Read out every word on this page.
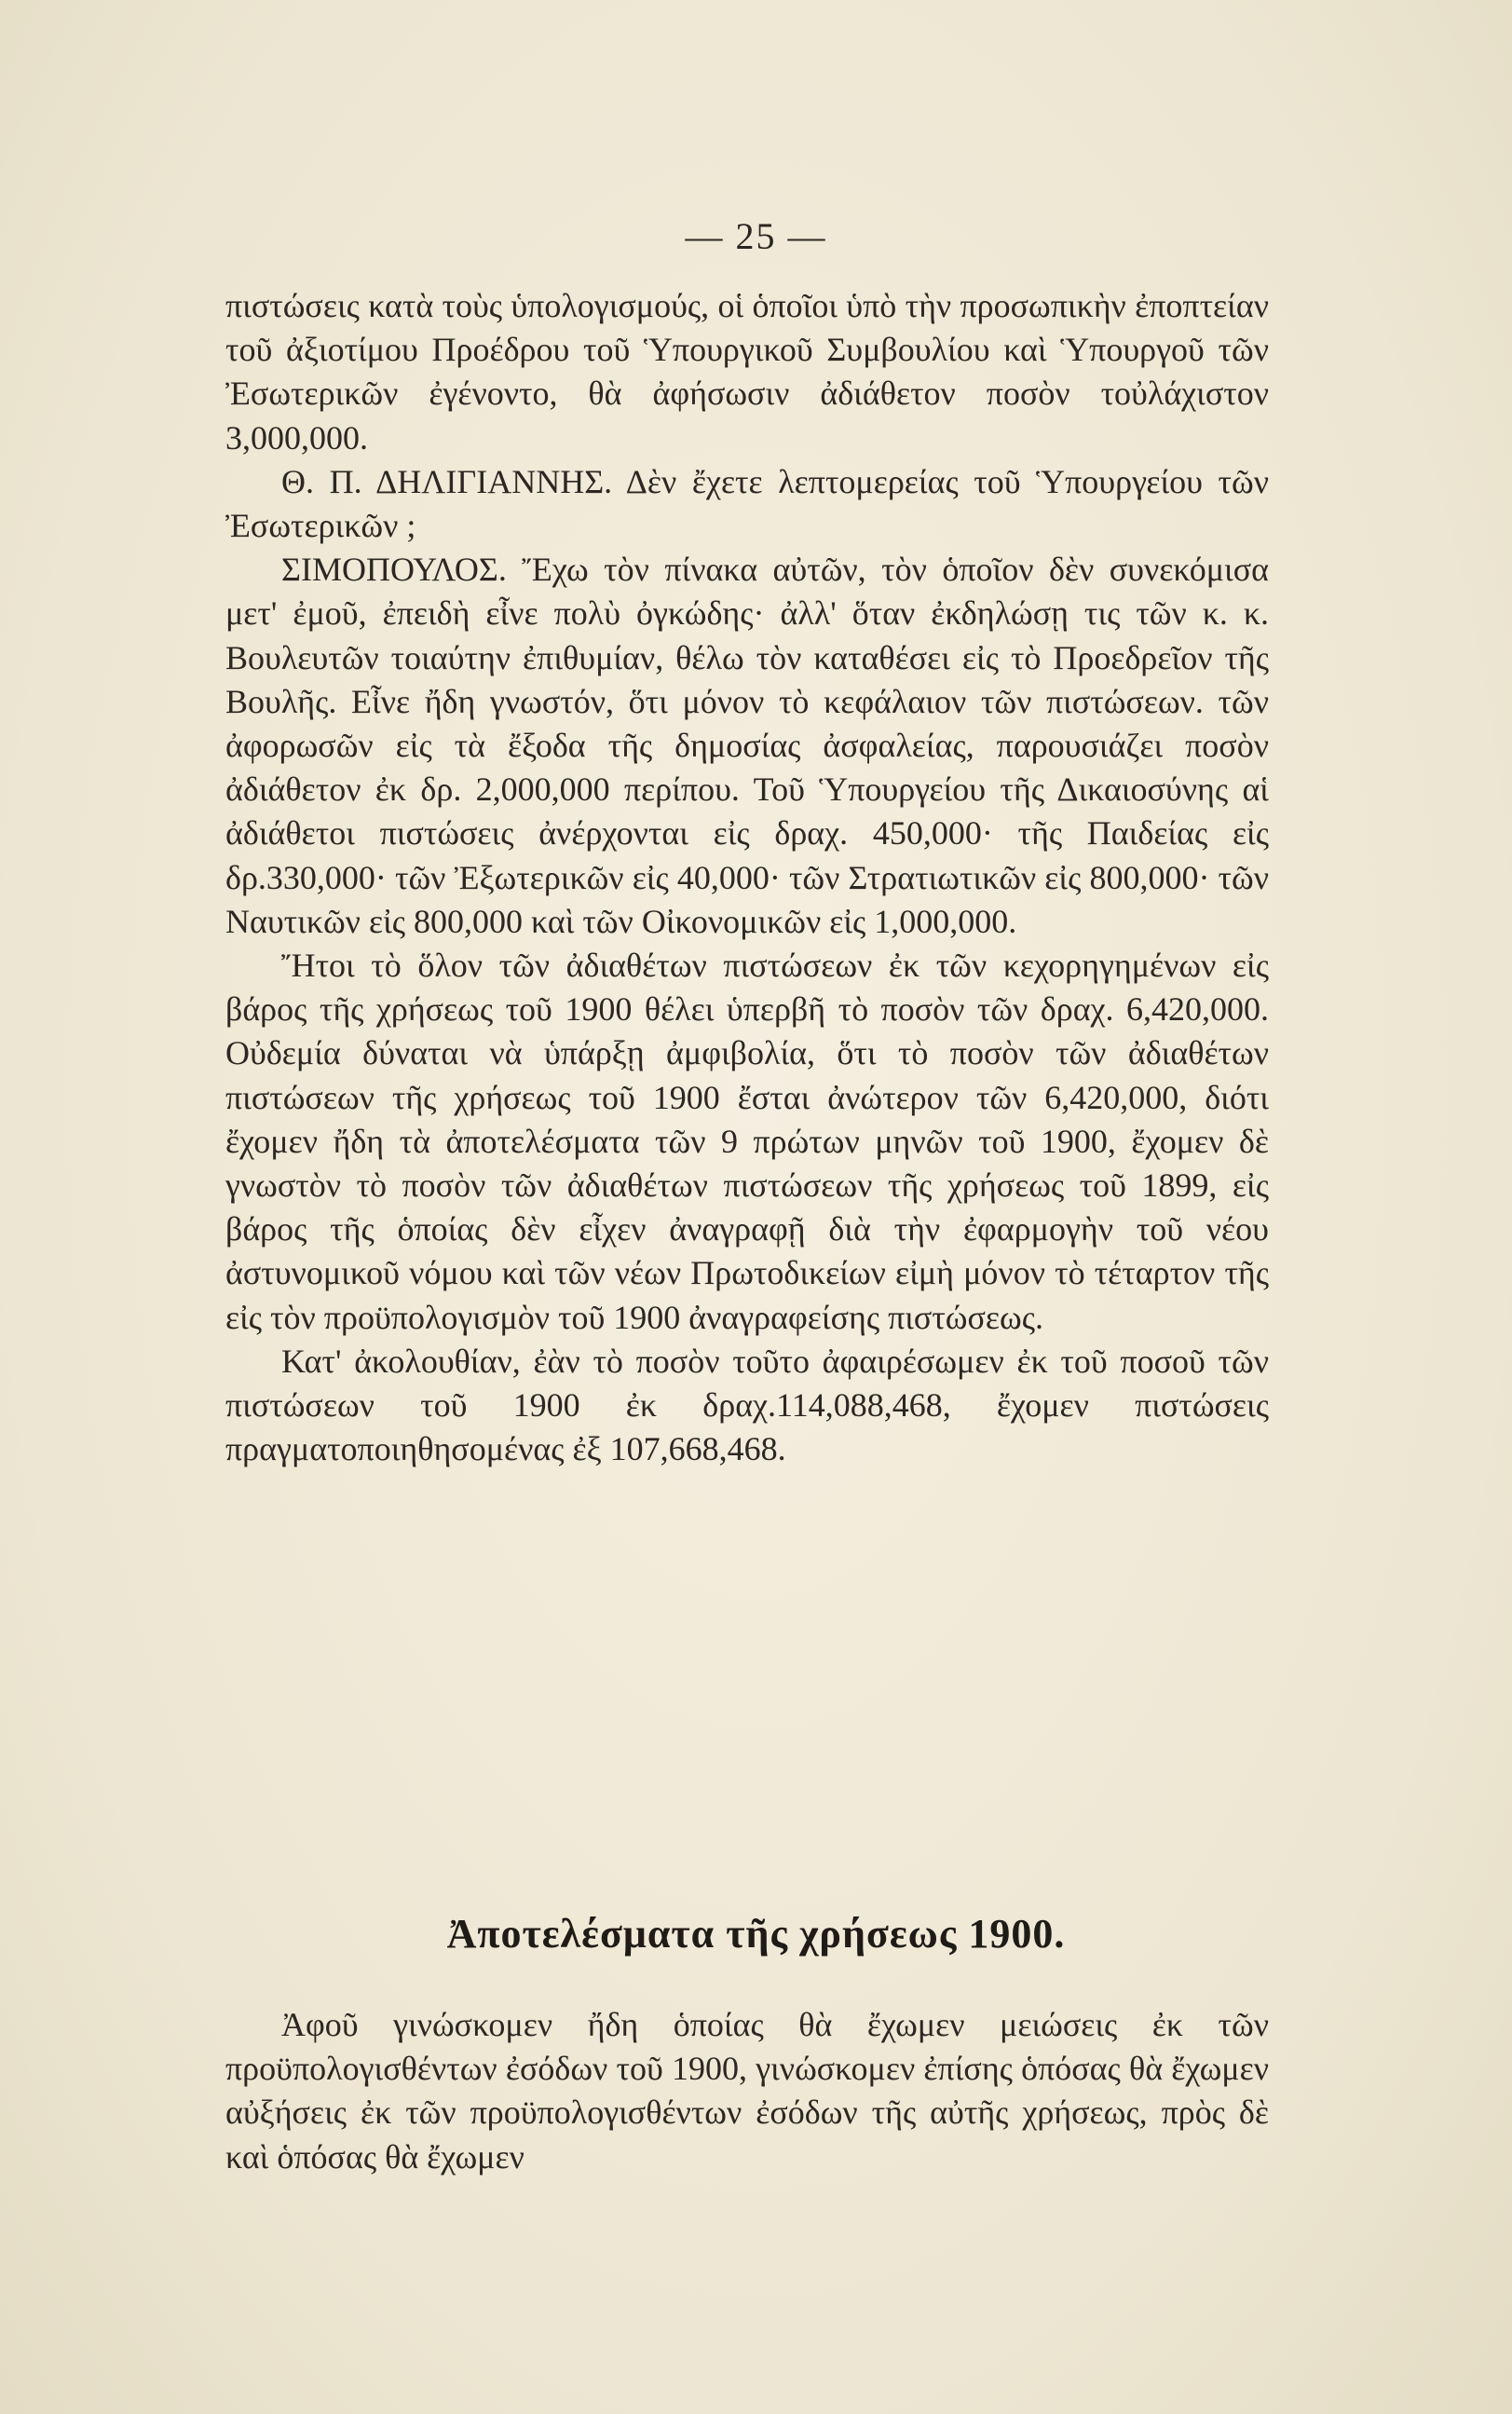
— 25 —

πιστώσεις κατὰ τοὺς ὑπολογισμούς, οἱ ὁποῖοι ὑπὸ τὴν προσωπικὴν ἐποπτείαν τοῦ ἀξιοτίμου Προέδρου τοῦ Ὑπουργικοῦ Συμβουλίου καὶ Ὑπουργοῦ τῶν Ἐσωτερικῶν ἐγένοντο, θὰ ἀφήσωσιν ἀδιάθετον ποσὸν τοὐλάχιστον 3,000,000.

Θ. Π. ΔΗΛΙΓΙΑΝΝΗΣ. Δὲν ἔχετε λεπτομερείας τοῦ Ὑπουργείου τῶν Ἐσωτερικῶν ;

ΣΙΜΟΠΟΥΛΟΣ. Ἔχω τὸν πίνακα αὐτῶν, τὸν ὁποῖον δὲν συνεκόμισα μετ' ἐμοῦ, ἐπειδὴ εἶνε πολὺ ὀγκώδης· ἀλλ' ὅταν ἐκδηλώσῃ τις τῶν κ. κ. Βουλευτῶν τοιαύτην ἐπιθυμίαν, θέλω τὸν καταθέσει εἰς τὸ Προεδρεῖον τῆς Βουλῆς. Εἶνε ἤδη γνωστόν, ὅτι μόνον τὸ κεφάλαιον τῶν πιστώσεων. τῶν ἀφορωσῶν εἰς τὰ ἔξοδα τῆς δημοσίας ἀσφαλείας, παρουσιάζει ποσὸν ἀδιάθετον ἐκ δρ. 2,000,000 περίπου. Τοῦ Ὑπουργείου τῆς Δικαιοσύνης αἱ ἀδιάθετοι πιστώσεις ἀνέρχονται εἰς δραχ. 450,000· τῆς Παιδείας εἰς δρ.330,000· τῶν Ἐξωτερικῶν εἰς 40,000· τῶν Στρατιωτικῶν εἰς 800,000· τῶν Ναυτικῶν εἰς 800,000 καὶ τῶν Οἰκονομικῶν εἰς 1,000,000.

Ἤτοι τὸ ὅλον τῶν ἀδιαθέτων πιστώσεων ἐκ τῶν κεχορηγημένων εἰς βάρος τῆς χρήσεως τοῦ 1900 θέλει ὑπερβῆ τὸ ποσὸν τῶν δραχ. 6,420,000. Οὐδεμία δύναται νὰ ὑπάρξῃ ἀμφιβολία, ὅτι τὸ ποσὸν τῶν ἀδιαθέτων πιστώσεων τῆς χρήσεως τοῦ 1900 ἔσται ἀνώτερον τῶν 6,420,000, διότι ἔχομεν ἤδη τὰ ἀποτελέσματα τῶν 9 πρώτων μηνῶν τοῦ 1900, ἔχομεν δὲ γνωστὸν τὸ ποσὸν τῶν ἀδιαθέτων πιστώσεων τῆς χρήσεως τοῦ 1899, εἰς βάρος τῆς ὁποίας δὲν εἶχεν ἀναγραφῇ διὰ τὴν ἐφαρμογὴν τοῦ νέου ἀστυνομικοῦ νόμου καὶ τῶν νέων Πρωτοδικείων εἰμὴ μόνον τὸ τέταρτον τῆς εἰς τὸν προϋπολογισμὸν τοῦ 1900 ἀναγραφείσης πιστώσεως.

Κατ' ἀκολουθίαν, ἐὰν τὸ ποσὸν τοῦτο ἀφαιρέσωμεν ἐκ τοῦ ποσοῦ τῶν πιστώσεων τοῦ 1900 ἐκ δραχ.114,088,468, ἔχομεν πιστώσεις πραγματοποιηθησομένας ἐξ 107,668,468.

Ἀποτελέσματα τῆς χρήσεως 1900.

Ἀφοῦ γινώσκομεν ἤδη ὁποίας θὰ ἔχωμεν μειώσεις ἐκ τῶν προϋπολογισθέντων ἐσόδων τοῦ 1900, γινώσκομεν ἐπίσης ὁπόσας θὰ ἔχωμεν αὐξήσεις ἐκ τῶν προϋπολογισθέντων ἐσόδων τῆς αὐτῆς χρήσεως, πρὸς δὲ καὶ ὁπόσας θὰ ἔχωμεν
